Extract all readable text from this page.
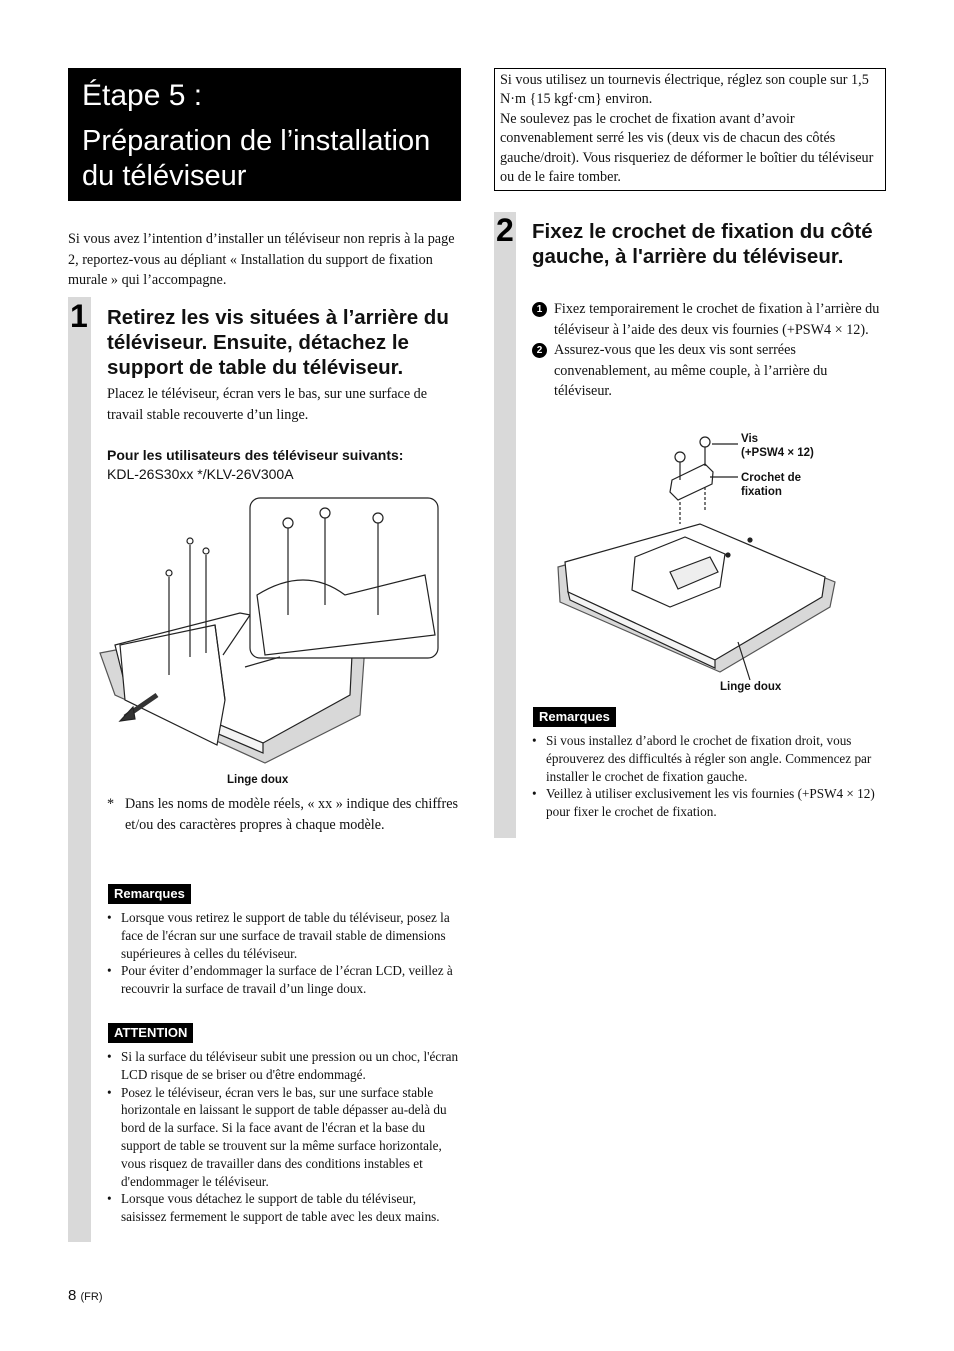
Étape 5 :
Préparation de l’installation du téléviseur
Si vous avez l’intention d’installer un téléviseur non repris à la page 2, reportez-vous au dépliant « Installation du support de fixation murale » qui l’accompagne.
1 Retirez les vis situées à l’arrière du téléviseur. Ensuite, détachez le support de table du téléviseur.
Placez le téléviseur, écran vers le bas, sur une surface de travail stable recouverte d’un linge.
Pour les utilisateurs des téléviseur suivants:
KDL-26S30xx */KLV-26V300A
Linge doux
* Dans les noms de modèle réels, « xx » indique des chiffres et/ou des caractères propres à chaque modèle.
Remarques
• Lorsque vous retirez le support de table du téléviseur, posez la face de l'écran sur une surface de travail stable de dimensions supérieures à celles du téléviseur.
• Pour éviter d’endommager la surface de l’écran LCD, veillez à recouvrir la surface de travail d’un linge doux.
ATTENTION
• Si la surface du téléviseur subit une pression ou un choc, l'écran LCD risque de se briser ou d'être endommagé.
• Posez le téléviseur, écran vers le bas, sur une surface stable horizontale en laissant le support de table dépasser au-delà du bord de la surface. Si la face avant de l'écran et la base du support de table se trouvent sur la même surface horizontale, vous risquez de travailler dans des conditions instables et d'endommager le téléviseur.
• Lorsque vous détachez le support de table du téléviseur, saisissez fermement le support de table avec les deux mains.
Si vous utilisez un tournevis électrique, réglez son couple sur 1,5 N·m {15 kgf·cm} environ.
Ne soulevez pas le crochet de fixation avant d’avoir convenablement serré les vis (deux vis de chacun des côtés gauche/droit). Vous risqueriez de déformer le boîtier du téléviseur ou de le faire tomber.
2 Fixez le crochet de fixation du côté gauche, à l'arrière du téléviseur.
1 Fixez temporairement le crochet de fixation à l’arrière du téléviseur à l’aide des deux vis fournies (+PSW4 × 12).
2 Assurez-vous que les deux vis sont serrées convenablement, au même couple, à l’arrière du téléviseur.
Vis
(+PSW4 × 12)
Crochet de
fixation
Linge doux
Remarques
• Si vous installez d’abord le crochet de fixation droit, vous éprouverez des difficultés à régler son angle. Commencez par installer le crochet de fixation gauche.
• Veillez à utiliser exclusivement les vis fournies (+PSW4 × 12) pour fixer le crochet de fixation.
8 (FR)
